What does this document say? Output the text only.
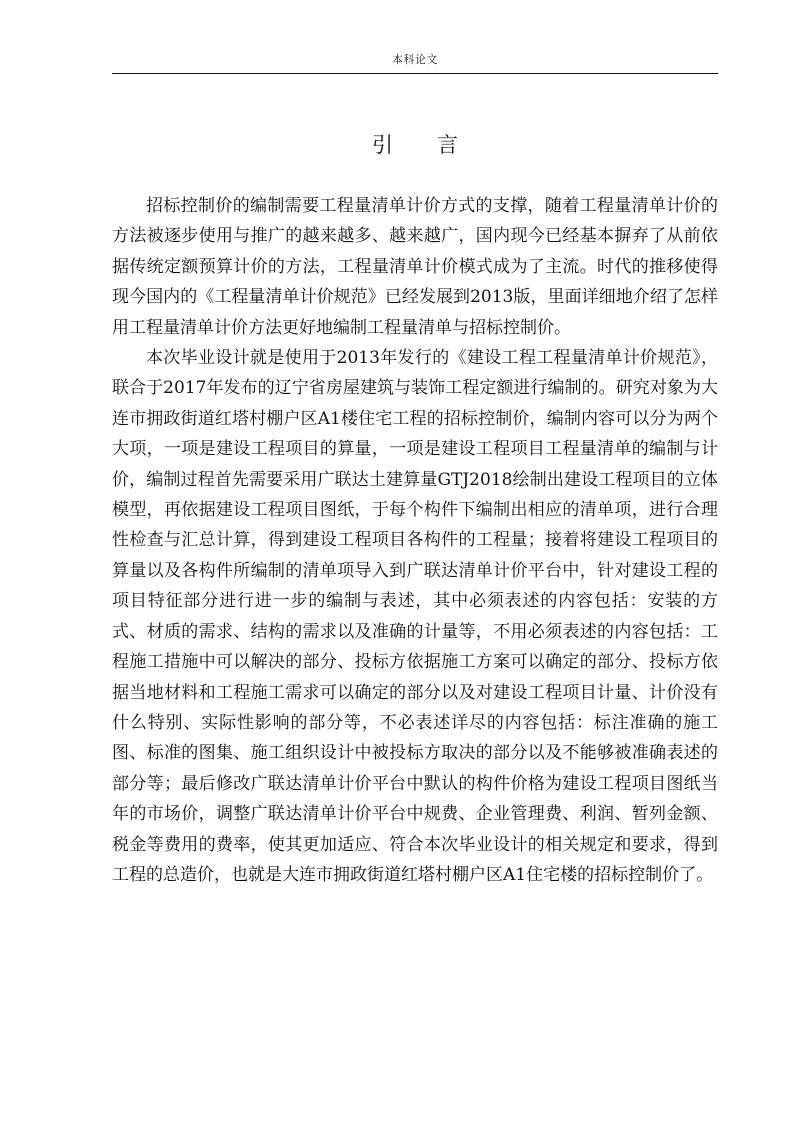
本科论文
引 言

招标控制价的编制需要工程量清单计价方式的支撑，随着工程量清单计价的方法被逐步使用与推广的越来越多、越来越广，国内现今已经基本摒弃了从前依据传统定额预算计价的方法，工程量清单计价模式成为了主流。时代的推移使得现今国内的《工程量清单计价规范》已经发展到2013版，里面详细地介绍了怎样用工程量清单计价方法更好地编制工程量清单与招标控制价。

本次毕业设计就是使用于2013年发行的《建设工程工程量清单计价规范》，联合于2017年发布的辽宁省房屋建筑与装饰工程定额进行编制的。研究对象为大连市拥政街道红塔村棚户区A1楼住宅工程的招标控制价，编制内容可以分为两个大项，一项是建设工程项目的算量，一项是建设工程项目工程量清单的编制与计价，编制过程首先需要采用广联达土建算量GTJ2018绘制出建设工程项目的立体模型，再依据建设工程项目图纸，于每个构件下编制出相应的清单项，进行合理性检查与汇总计算，得到建设工程项目各构件的工程量；接着将建设工程项目的算量以及各构件所编制的清单项导入到广联达清单计价平台中，针对建设工程的项目特征部分进行进一步的编制与表述，其中必须表述的内容包括：安装的方式、材质的需求、结构的需求以及准确的计量等，不用必须表述的内容包括：工程施工措施中可以解决的部分、投标方依据施工方案可以确定的部分、投标方依据当地材料和工程施工需求可以确定的部分以及对建设工程项目计量、计价没有什么特别、实际性影响的部分等，不必表述详尽的内容包括：标注准确的施工图、标准的图集、施工组织设计中被投标方取决的部分以及不能够被准确表述的部分等；最后修改广联达清单计价平台中默认的构件价格为建设工程项目图纸当年的市场价，调整广联达清单计价平台中规费、企业管理费、利润、暂列金额、税金等费用的费率，使其更加适应、符合本次毕业设计的相关规定和要求，得到工程的总造价，也就是大连市拥政街道红塔村棚户区A1住宅楼的招标控制价了。
